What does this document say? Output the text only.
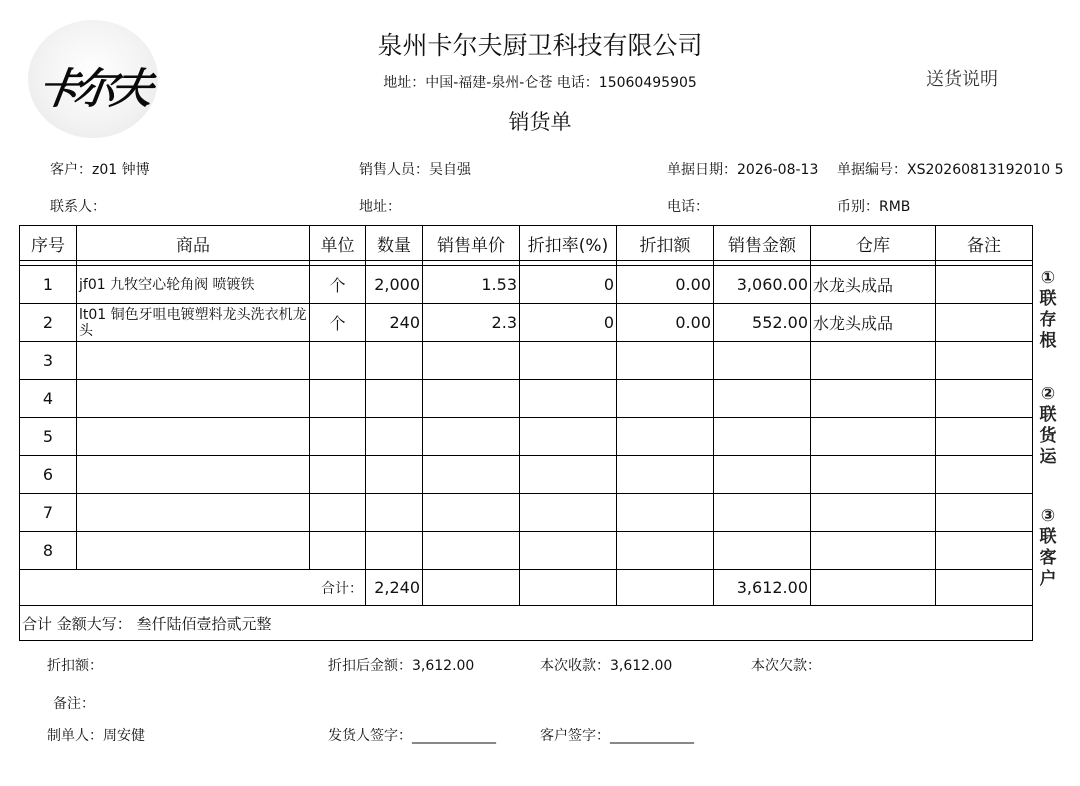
卡尔夫
泉州卡尔夫厨卫科技有限公司
地址：中国-福建-泉州-仑苍 电话：15060495905	送货说明
销货单
客户：z01 钟博	销售人员：吴自强	单据日期：2026-08-13 单据编号：XS20260813192010 5
联系人：	地址：	电话：	币别：RMB
序号	商品	单位	数量	销售单价	折扣率(%)	折扣额	销售金额	仓库	备注

1	jf01 九牧空心轮角阀 喷镀铁	个	2,000	1.53	0	0.00	3,060.00	水龙头成品	
2	lt01 铜色牙咀电镀塑料龙头洗衣机龙头	个	240	2.3	0	0.00	552.00	水龙头成品	
3									
4									
5									
6									
7									
8									
合计：			2,240				3,612.00		
合计 金额大写： 叁仟陆佰壹拾贰元整									
①
联
存
根
②
联
货
运
③
联
客
户
折扣额：	折扣后金额：3,612.00	本次收款：3,612.00	本次欠款：
备注：
制单人：周安健	发货人签字：____________	客户签字：____________
